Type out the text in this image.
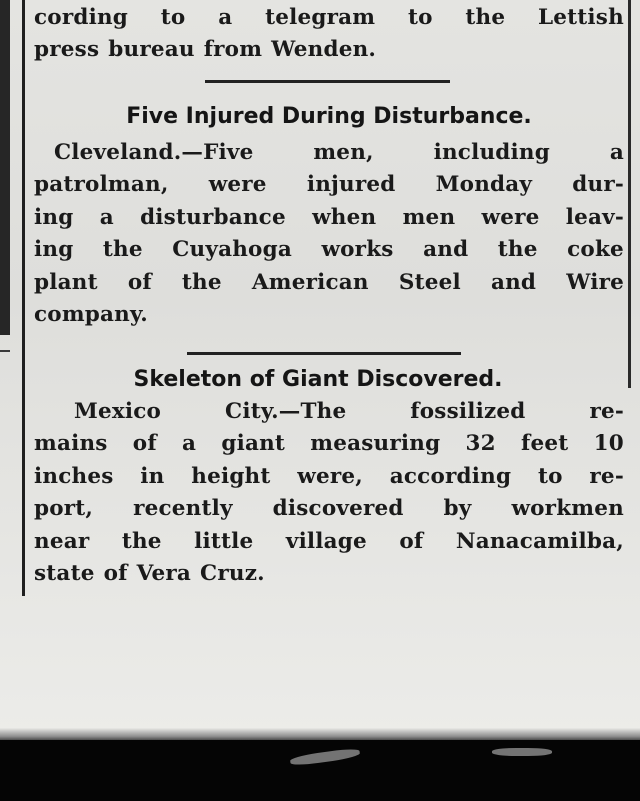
cording to a telegram to the Lettish
press bureau from Wenden.
Five Injured During Disturbance.
Cleveland.—Five	men,	including	a
patrolman, were injured Monday dur-
ing a disturbance when men were leav-
ing the Cuyahoga works and the coke
plant of the American Steel and Wire
company.
Skeleton of Giant Discovered.
Mexico	City.—The	fossilized	re-
mains of a giant measuring 32 feet 10
inches in height were, according to re-
port, recently discovered by workmen
near the little village of Nanacamilba,
state of Vera Cruz.
